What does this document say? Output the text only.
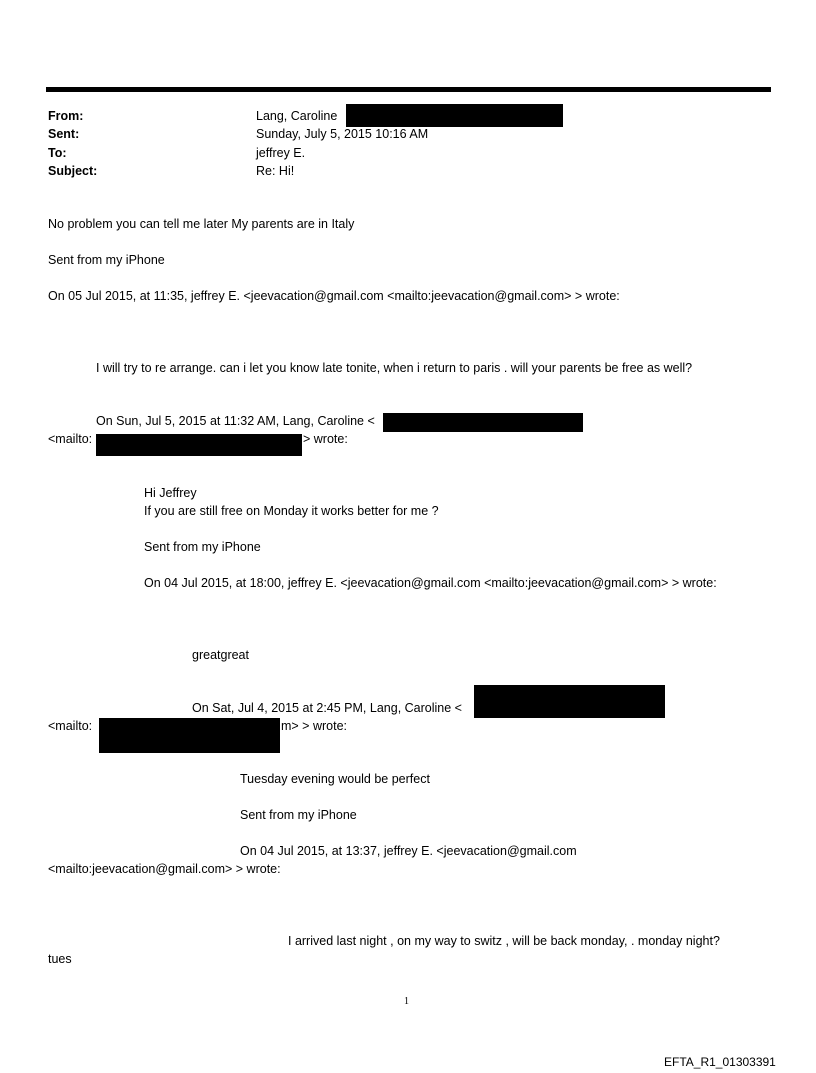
From:	Lang, Caroline
Sent:	Sunday, July 5, 2015 10:16 AM
To:	jeffrey E.
Subject:	Re: Hi!
No problem you can tell me later My parents are in Italy
Sent from my iPhone
On 05 Jul 2015, at 11:35, jeffrey E. <jeevacation@gmail.com <mailto:jeevacation@gmail.com> > wrote:
I will try to re arrange. can i let you know late tonite, when i return to paris . will your parents be free as well?
On Sun, Jul 5, 2015 at 11:32 AM, Lang, Caroline <
<mailto:	> wrote:
Hi Jeffrey
If you are still free on Monday it works better for me ?
Sent from my iPhone
On 04 Jul 2015, at 18:00, jeffrey E. <jeevacation@gmail.com <mailto:jeevacation@gmail.com> > wrote:
greatgreat
On Sat, Jul 4, 2015 at 2:45 PM, Lang, Caroline <
<mailto:	m> > wrote:
Tuesday evening would be perfect
Sent from my iPhone
On 04 Jul 2015, at 13:37, jeffrey E. <jeevacation@gmail.com
<mailto:jeevacation@gmail.com> > wrote:
I arrived last night , on my way to switz , will be back monday, . monday night?
tues
1
EFTA_R1_01303391
